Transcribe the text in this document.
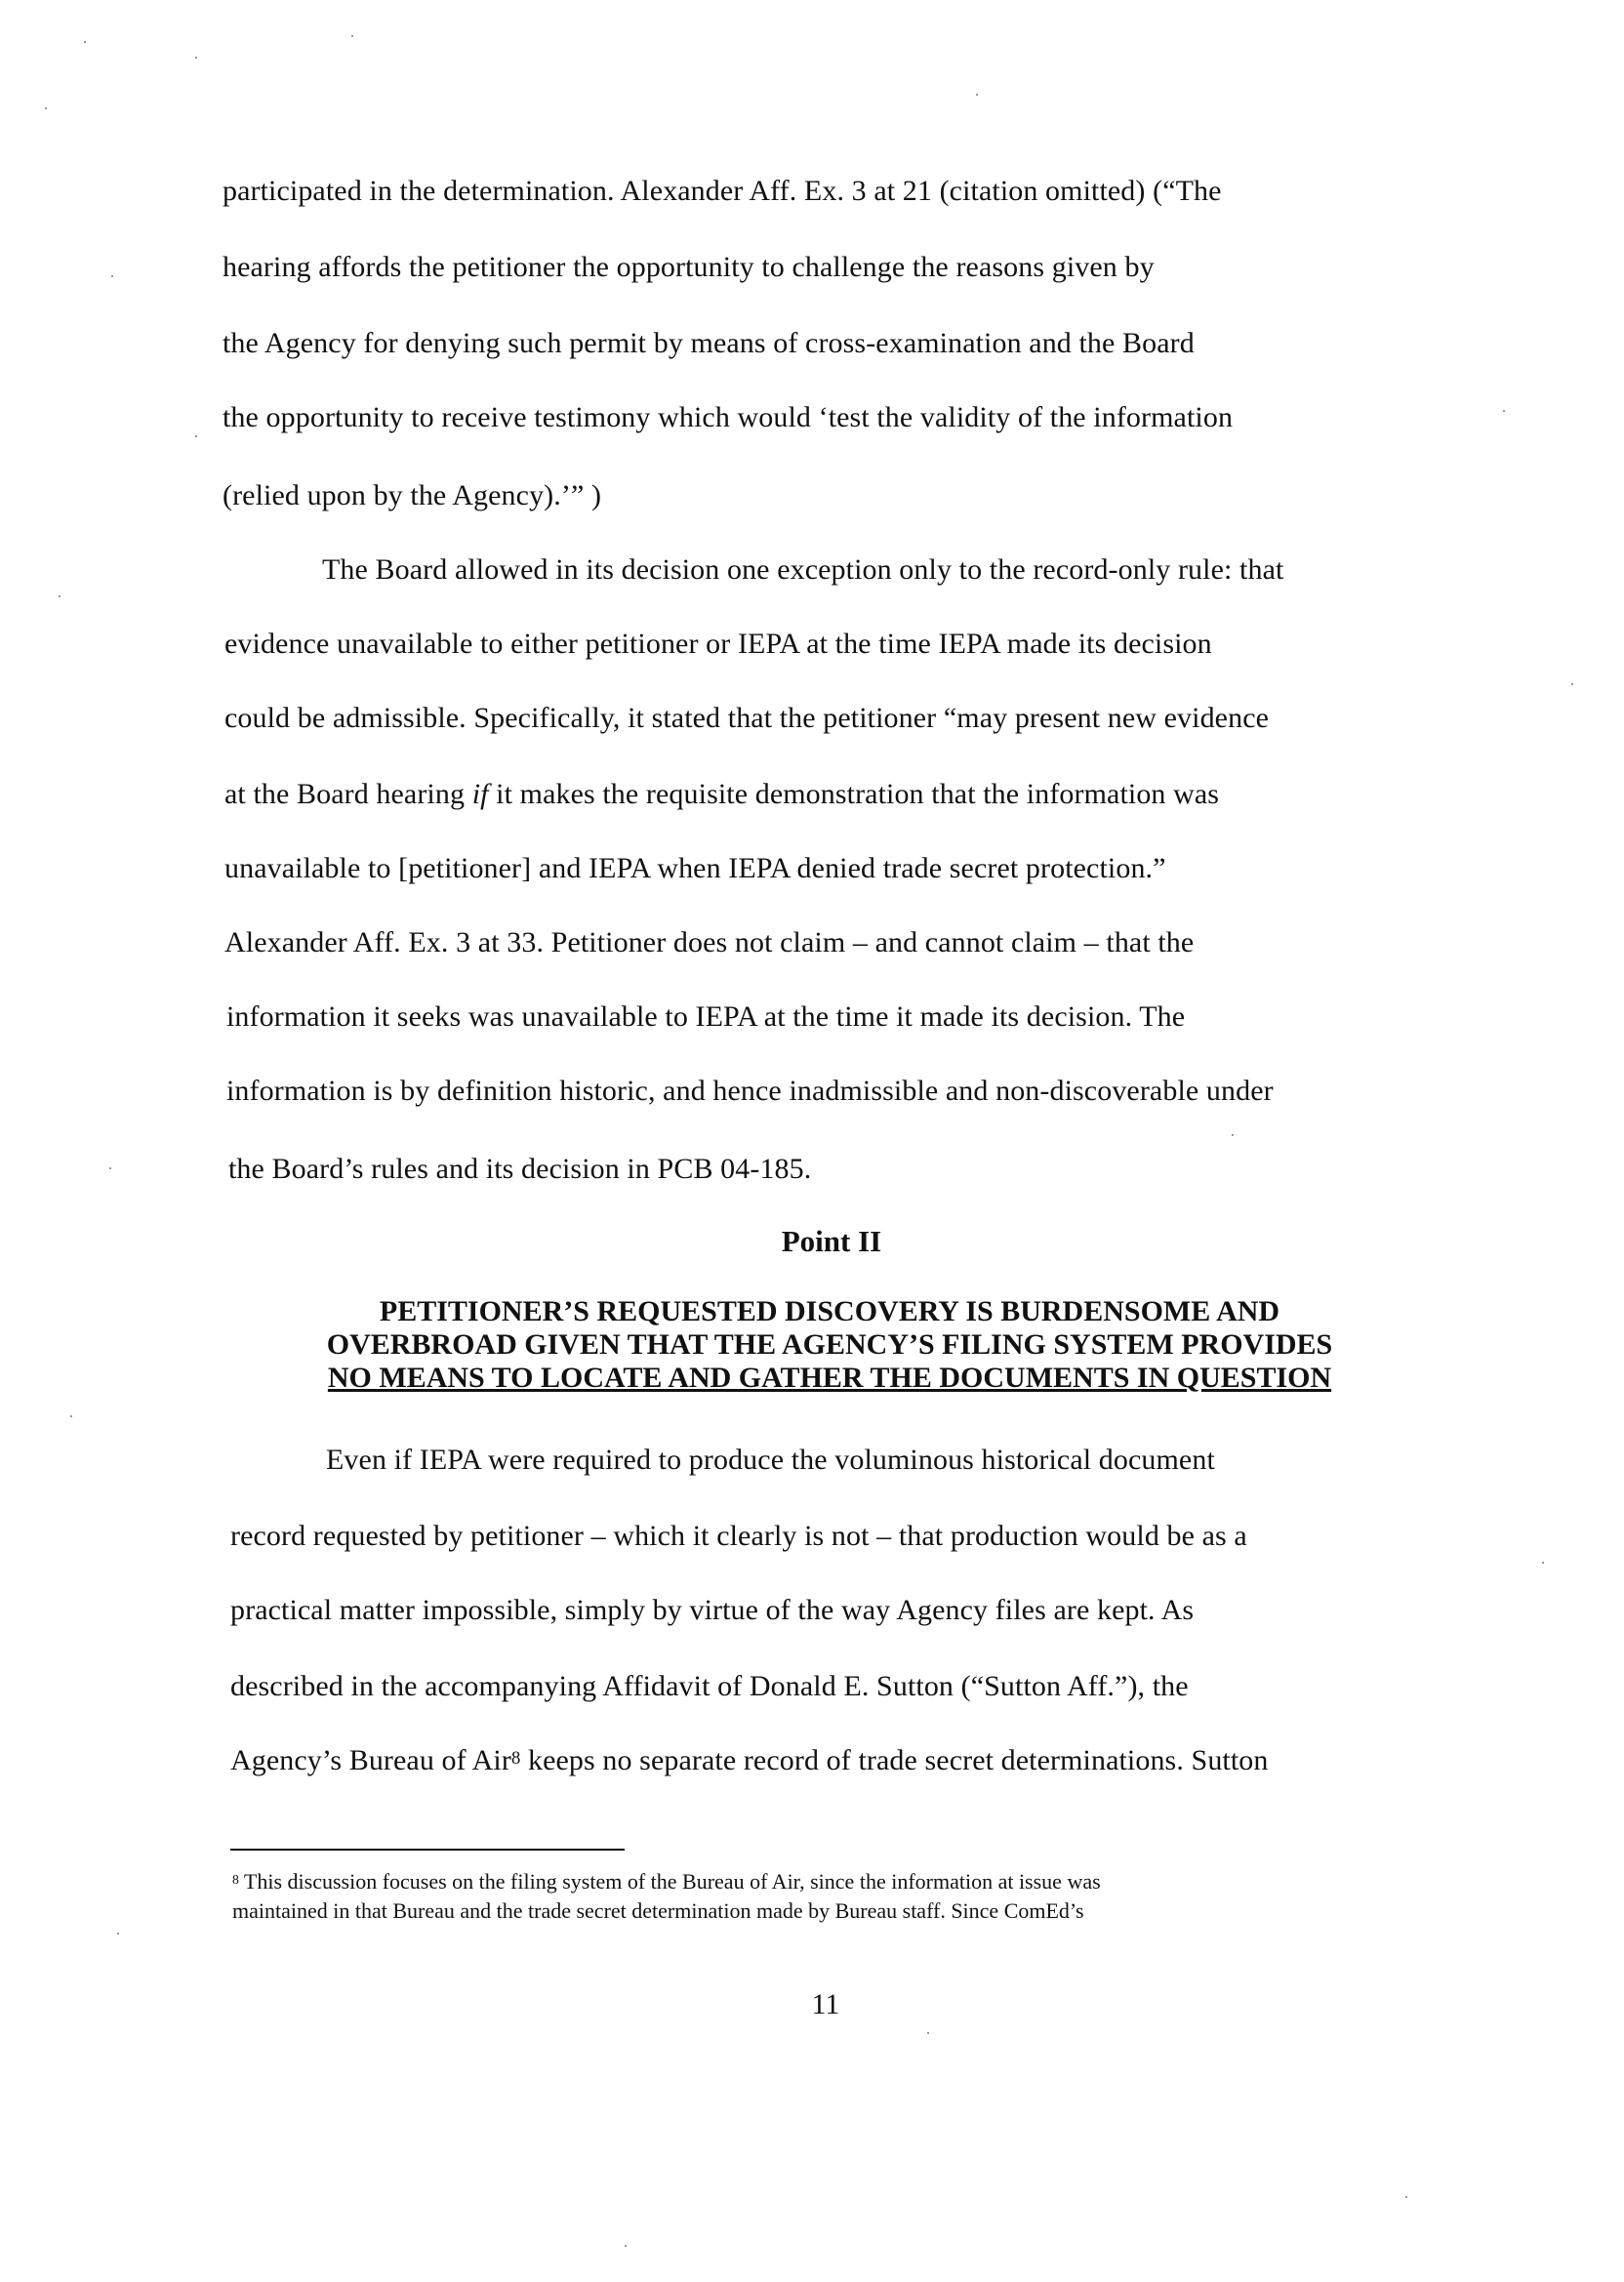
participated in the determination. Alexander Aff. Ex. 3 at 21 (citation omitted) (“The
hearing affords the petitioner the opportunity to challenge the reasons given by
the Agency for denying such permit by means of cross-examination and the Board
the opportunity to receive testimony which would ‘test the validity of the information
(relied upon by the Agency).’” )
The Board allowed in its decision one exception only to the record-only rule: that
evidence unavailable to either petitioner or IEPA at the time IEPA made its decision
could be admissible. Specifically, it stated that the petitioner “may present new evidence
at the Board hearing if it makes the requisite demonstration that the information was
unavailable to [petitioner] and IEPA when IEPA denied trade secret protection.”
Alexander Aff. Ex. 3 at 33. Petitioner does not claim – and cannot claim – that the
information it seeks was unavailable to IEPA at the time it made its decision. The
information is by definition historic, and hence inadmissible and non-discoverable under
the Board’s rules and its decision in PCB 04-185.
Point II
PETITIONER’S REQUESTED DISCOVERY IS BURDENSOME AND
OVERBROAD GIVEN THAT THE AGENCY’S FILING SYSTEM PROVIDES
NO MEANS TO LOCATE AND GATHER THE DOCUMENTS IN QUESTION
Even if IEPA were required to produce the voluminous historical document
record requested by petitioner – which it clearly is not – that production would be as a
practical matter impossible, simply by virtue of the way Agency files are kept. As
described in the accompanying Affidavit of Donald E. Sutton (“Sutton Aff.”), the
Agency’s Bureau of Air$^8$ keeps no separate record of trade secret determinations. Sutton
$^8$ This discussion focuses on the filing system of the Bureau of Air, since the information at issue was
maintained in that Bureau and the trade secret determination made by Bureau staff. Since ComEd’s
11
